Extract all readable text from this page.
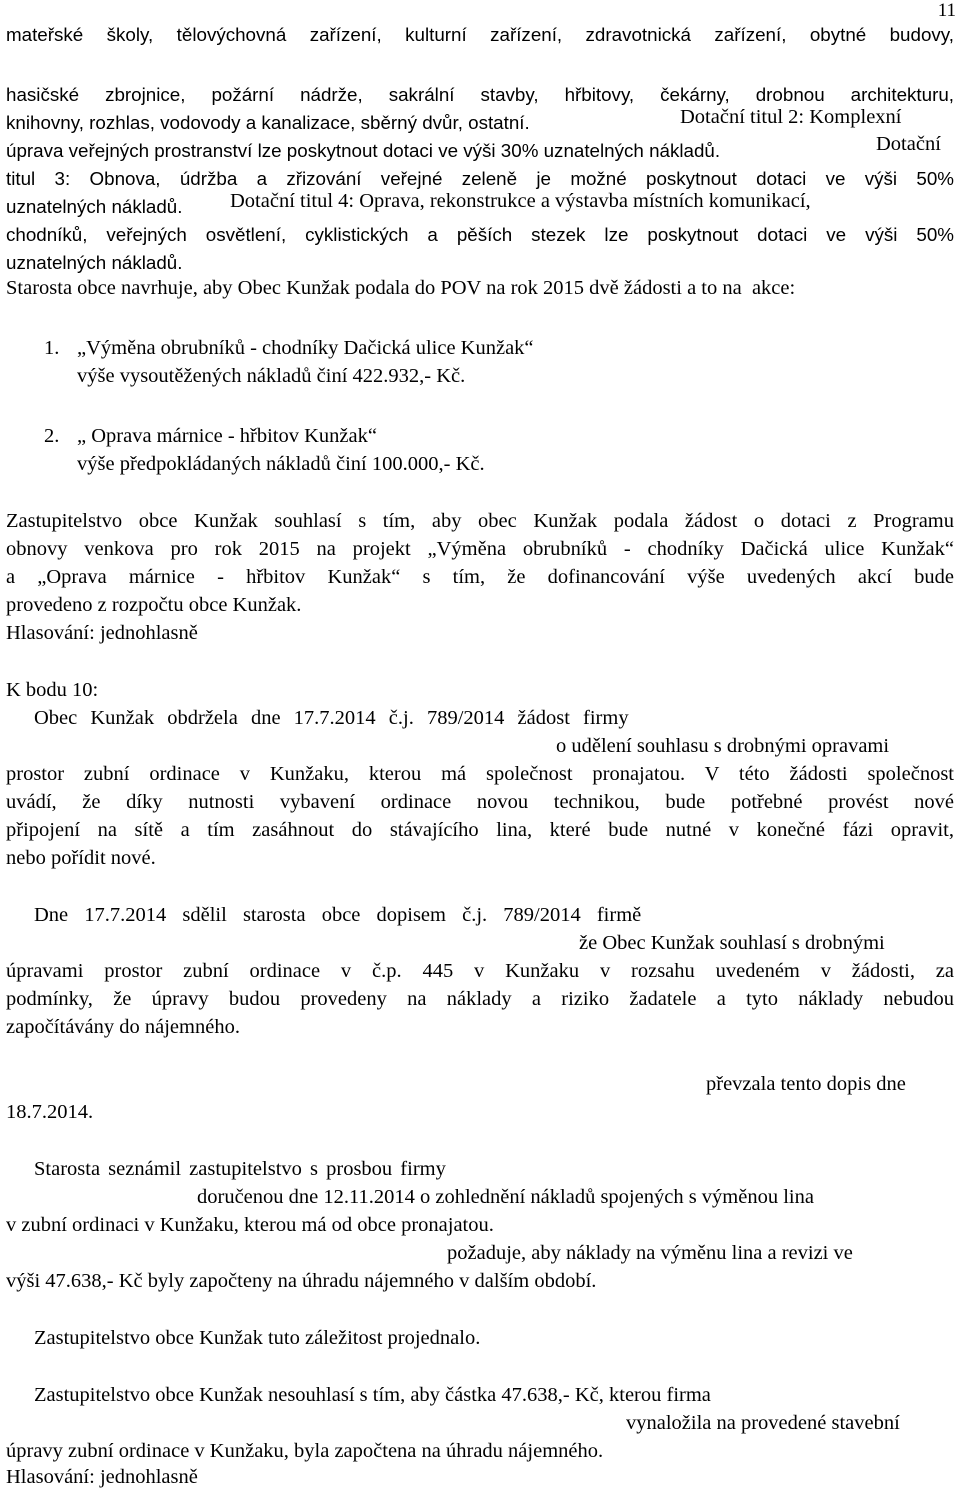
11
mateřské školy, tělovýchovná zařízení, kulturní zařízení, zdravotnická zařízení, obytné budovy,
hasičské zbrojnice, požární nádrže, sakrální stavby, hřbitovy, čekárny, drobnou architekturu,
knihovny, rozhlas, vodovody a kanalizace, sběrný dvůr, ostatní.	Dotační titul 2: Komplexní
úprava veřejných prostranství lze poskytnout dotaci ve výši 30% uznatelných nákladů.	Dotační
titul 3: Obnova, údržba a zřizování veřejné zeleně je možné poskytnout dotaci ve výši 50%
uznatelných nákladů. Dotační titul 4: Oprava, rekonstrukce a výstavba místních komunikací,
chodníků, veřejných osvětlení, cyklistických a pěších stezek lze poskytnout dotaci ve výši 50%
uznatelných nákladů.
Starosta obce navrhuje, aby Obec Kunžak podala do POV na rok 2015 dvě žádosti a to na  akce:
1. „Výměna obrubníků - chodníky Dačická ulice Kunžak“
výše vysoutěžených nákladů činí 422.932,- Kč.
2. „ Oprava márnice - hřbitov Kunžak“
výše předpokládaných nákladů činí 100.000,- Kč.
Zastupitelstvo obce Kunžak souhlasí s tím, aby obec Kunžak podala žádost o dotaci z Programu
obnovy venkova pro rok 2015 na projekt „Výměna obrubníků - chodníky Dačická ulice Kunžak“
a „Oprava márnice - hřbitov Kunžak“ s tím, že dofinancování výše uvedených akcí bude
provedeno z rozpočtu obce Kunžak.
Hlasování: jednohlasně
K bodu 10:
Obec Kunžak obdržela dne 17.7.2014 č.j. 789/2014 žádost firmy
o udělení souhlasu s drobnými opravami
prostor zubní ordinace v Kunžaku, kterou má společnost pronajatou. V této žádosti společnost
uvádí, že díky nutnosti vybavení ordinace novou technikou, bude potřebné provést nové
připojení na sítě a tím zasáhnout do stávajícího lina, které bude nutné v konečné fázi opravit,
nebo pořídit nové.
Dne 17.7.2014 sdělil starosta obce dopisem č.j. 789/2014 firmě
že Obec Kunžak souhlasí s drobnými
úpravami prostor zubní ordinace v č.p. 445 v Kunžaku v rozsahu uvedeném v žádosti, za
podmínky, že úpravy budou provedeny na náklady a riziko žadatele a tyto náklady nebudou
započítávány do nájemného.
převzala tento dopis dne
18.7.2014.
Starosta seznámil zastupitelstvo s prosbou firmy
doručenou dne 12.11.2014 o zohlednění nákladů spojených s výměnou lina
v zubní ordinaci v Kunžaku, kterou má od obce pronajatou.
požaduje, aby náklady na výměnu lina a revizi ve
výši 47.638,- Kč byly započteny na úhradu nájemného v dalším období.
Zastupitelstvo obce Kunžak tuto záležitost projednalo.
Zastupitelstvo obce Kunžak nesouhlasí s tím, aby částka 47.638,- Kč, kterou firma
vynaložila na provedené stavební
úpravy zubní ordinace v Kunžaku, byla započtena na úhradu nájemného.
Hlasování: jednohlasně
